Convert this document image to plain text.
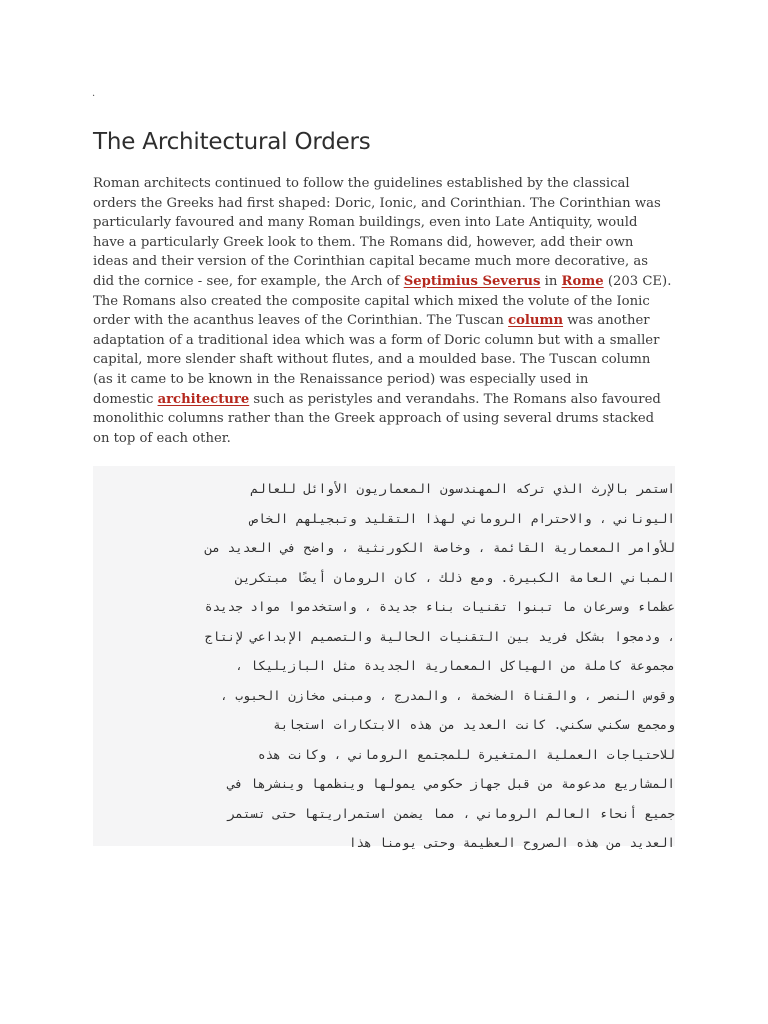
·
The Architectural Orders

Roman architects continued to follow the guidelines established by the classical
orders the Greeks had first shaped: Doric, Ionic, and Corinthian. The Corinthian was
particularly favoured and many Roman buildings, even into Late Antiquity, would
have a particularly Greek look to them. The Romans did, however, add their own
ideas and their version of the Corinthian capital became much more decorative, as
did the cornice - see, for example, the Arch of Septimius Severus in Rome (203 CE).
The Romans also created the composite capital which mixed the volute of the Ionic
order with the acanthus leaves of the Corinthian. The Tuscan column was another
adaptation of a traditional idea which was a form of Doric column but with a smaller
capital, more slender shaft without flutes, and a moulded base. The Tuscan column
(as it came to be known in the Renaissance period) was especially used in
domestic architecture such as peristyles and verandahs. The Romans also favoured
monolithic columns rather than the Greek approach of using several drums stacked
on top of each other.

استمر بالإرث الذي تركه المهندسون المعماريون الأوائل للعالم
اليوناني ، والاحترام الروماني لهذا التقليد وتبجيلهم الخاص
للأوامر المعمارية القائمة ، وخاصة الكورنثية ، واضح في العديد من
المباني العامة الكبيرة. ومع ذلك ، كان الرومان أيضًا مبتكرين
عظماء وسرعان ما تبنوا تقنيات بناء جديدة ، واستخدموا مواد جديدة
، ودمجوا بشكل فريد بين التقنيات الحالية والتصميم الإبداعي لإنتاج
مجموعة كاملة من الهياكل المعمارية الجديدة مثل البازيليكا ،
وقوس النصر ، والقناة الضخمة ، والمدرج ، ومبنى مخازن الحبوب ،
ومجمع سكني سكني. كانت العديد من هذه الابتكارات استجابة
للاحتياجات العملية المتغيرة للمجتمع الروماني ، وكانت هذه
المشاريع مدعومة من قبل جهاز حكومي يمولها وينظمها وينشرها في
جميع أنحاء العالم الروماني ، مما يضمن استمراريتها حتى تستمر
العديد من هذه الصروح العظيمة وحتى يومنا هذا
